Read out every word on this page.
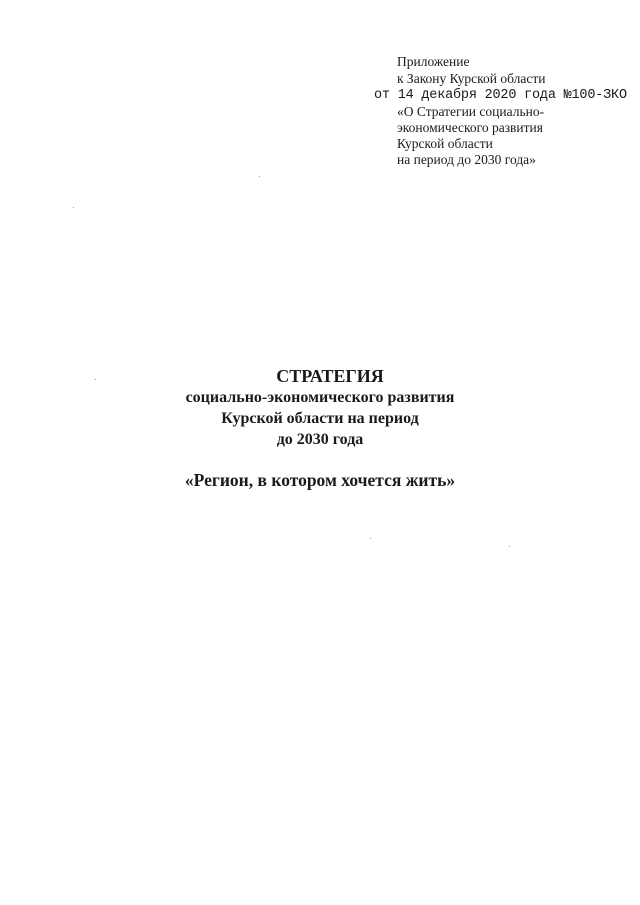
Приложение
к Закону Курской области
от 14 декабря 2020 года №100-ЗКО
«О Стратегии социально-
экономического развития
Курской области
на период до 2030 года»
СТРАТЕГИЯ
социально-экономического развития
Курской области на период
до 2030 года
«Регион, в котором хочется жить»
